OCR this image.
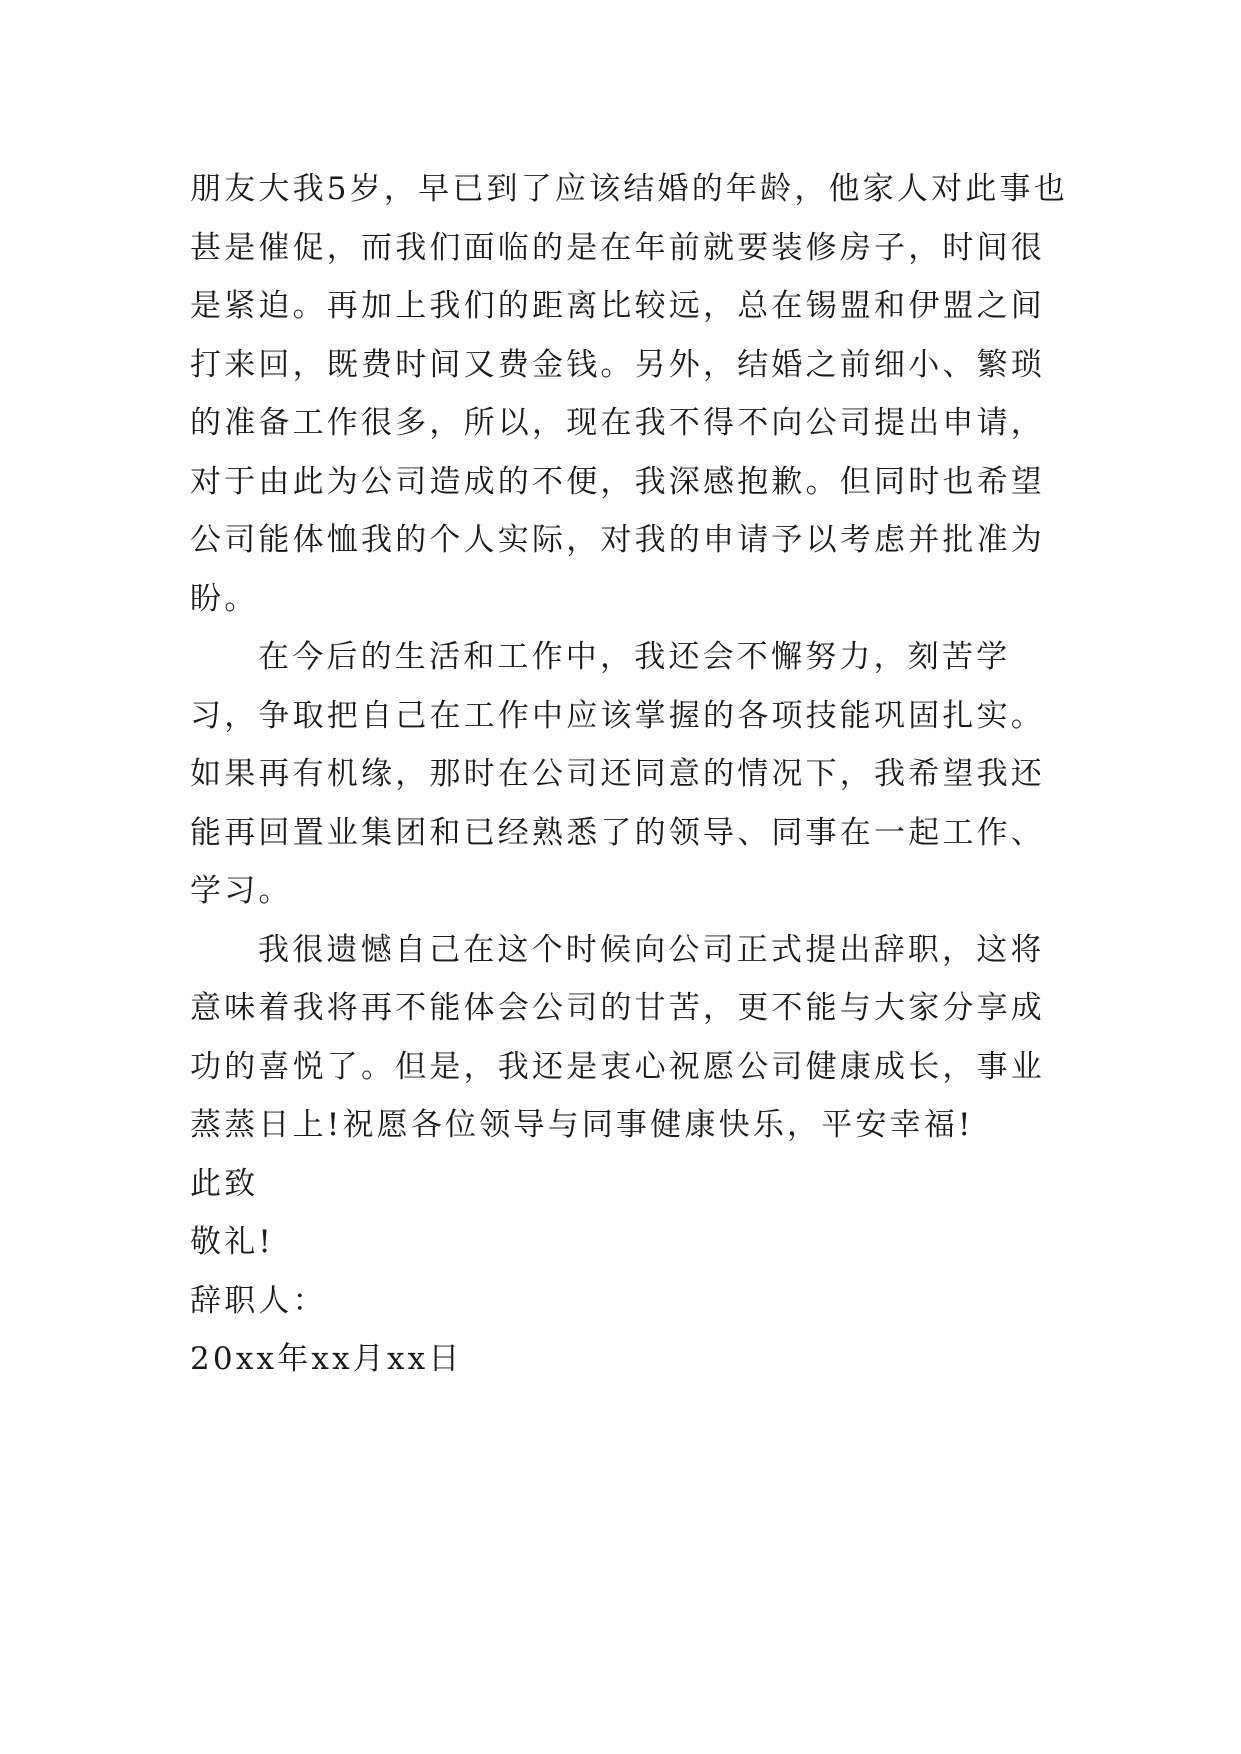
朋友大我5岁，早已到了应该结婚的年龄，他家人对此事也甚是催促，而我们面临的是在年前就要装修房子，时间很是紧迫。再加上我们的距离比较远，总在锡盟和伊盟之间打来回，既费时间又费金钱。另外，结婚之前细小、繁琐的准备工作很多，所以，现在我不得不向公司提出申请，对于由此为公司造成的不便，我深感抱歉。但同时也希望公司能体恤我的个人实际，对我的申请予以考虑并批准为盼。

在今后的生活和工作中，我还会不懈努力，刻苦学习，争取把自己在工作中应该掌握的各项技能巩固扎实。如果再有机缘，那时在公司还同意的情况下，我希望我还能再回置业集团和已经熟悉了的领导、同事在一起工作、学习。

我很遗憾自己在这个时候向公司正式提出辞职，这将意味着我将再不能体会公司的甘苦，更不能与大家分享成功的喜悦了。但是，我还是衷心祝愿公司健康成长，事业蒸蒸日上!祝愿各位领导与同事健康快乐，平安幸福!

此致

敬礼!

辞职人：

20xx年xx月xx日
